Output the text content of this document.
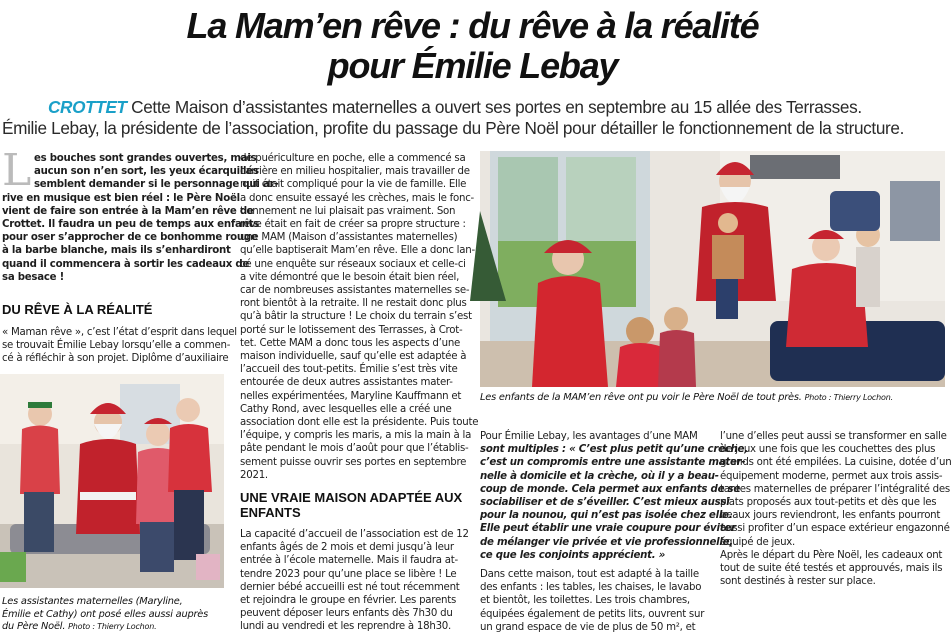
La Mam’en rêve : du rêve à la réalité
pour Émilie Lebay
CROTTET Cette Maison d’assistantes maternelles a ouvert ses portes en septembre au 15 allée des Terrasses.
Émilie Lebay, la présidente de l’association, profite du passage du Père Noël pour détailler le fonctionnement de la structure.
L es bouches sont grandes ouvertes, mais
aucun son n’en sort, les yeux écarquillés
semblent demander si le personnage qui ar-
rive en musique est bien réel : le Père Noël
vient de faire son entrée à la Mam’en rêve de
Crottet. Il faudra un peu de temps aux enfants
pour oser s’approcher de ce bonhomme rouge
à la barbe blanche, mais ils s’enhardiront
quand il commencera à sortir les cadeaux de
sa besace !
DU RÊVE À LA RÉALITÉ
« Maman rêve », c’est l’état d’esprit dans lequel
se trouvait Émilie Lebay lorsqu’elle a commen-
cé à réfléchir à son projet. Diplôme d’auxiliaire
Les assistantes maternelles (Maryline,
Émilie et Cathy) ont posé elles aussi auprès
du Père Noël. Photo : Thierry Lochon.
de puériculture en poche, elle a commencé sa
carrière en milieu hospitalier, mais travailler de
nuit était compliqué pour la vie de famille. Elle
a donc ensuite essayé les crèches, mais le fonc-
tionnement ne lui plaisait pas vraiment. Son
rêve était en fait de créer sa propre structure :
une MAM (Maison d’assistantes maternelles)
qu’elle baptiserait Mam’en rêve. Elle a donc lan-
cé une enquête sur réseaux sociaux et celle-ci
a vite démontré que le besoin était bien réel,
car de nombreuses assistantes maternelles se-
ront bientôt à la retraite. Il ne restait donc plus
qu’à bâtir la structure ! Le choix du terrain s’est
porté sur le lotissement des Terrasses, à Crot-
tet. Cette MAM a donc tous les aspects d’une
maison individuelle, sauf qu’elle est adaptée à
l’accueil des tout-petits. Émilie s’est très vite
entourée de deux autres assistantes mater-
nelles expérimentées, Maryline Kauffmann et
Cathy Rond, avec lesquelles elle a créé une
association dont elle est la présidente. Puis toute
l’équipe, y compris les maris, a mis la main à la
pâte pendant le mois d’août pour que l’établis-
sement puisse ouvrir ses portes en septembre
2021.
UNE VRAIE MAISON ADAPTÉE AUX
ENFANTS
La capacité d’accueil de l’association est de 12
enfants âgés de 2 mois et demi jusqu’à leur
entrée à l’école maternelle. Mais il faudra at-
tendre 2023 pour qu’une place se libère ! Le
dernier bébé accueilli est né tout récemment
et rejoindra le groupe en février. Les parents
peuvent déposer leurs enfants dès 7h30 du
lundi au vendredi et les reprendre à 18h30.
Les enfants de la MAM’en rêve ont pu voir le Père Noël de tout près. Photo : Thierry Lochon.
Pour Émilie Lebay, les avantages d’une MAM
sont multiples : « C’est plus petit qu’une crèche,
c’est un compromis entre une assistante mater-
nelle à domicile et la crèche, où il y a beau-
coup de monde. Cela permet aux enfants de se
sociabiliser et de s’éveiller. C’est mieux aussi
pour la nounou, qui n’est pas isolée chez elle.
Elle peut établir une vraie coupure pour éviter
de mélanger vie privée et vie professionnelle,
ce que les conjoints apprécient. »
Dans cette maison, tout est adapté à la taille
des enfants : les tables, les chaises, le lavabo
et bientôt, les toilettes. Les trois chambres,
équipées également de petits lits, ouvrent sur
un grand espace de vie de plus de 50 m², et
l’une d’elles peut aussi se transformer en salle
de jeux une fois que les couchettes des plus
grands ont été empilées. La cuisine, dotée d’un
équipement moderne, permet aux trois assis-
tantes maternelles de préparer l’intégralité des
plats proposés aux tout-petits et dès que les
beaux jours reviendront, les enfants pourront
aussi profiter d’un espace extérieur engazonné
équipé de jeux.
Après le départ du Père Noël, les cadeaux ont
tout de suite été testés et approuvés, mais ils
sont destinés à rester sur place.
